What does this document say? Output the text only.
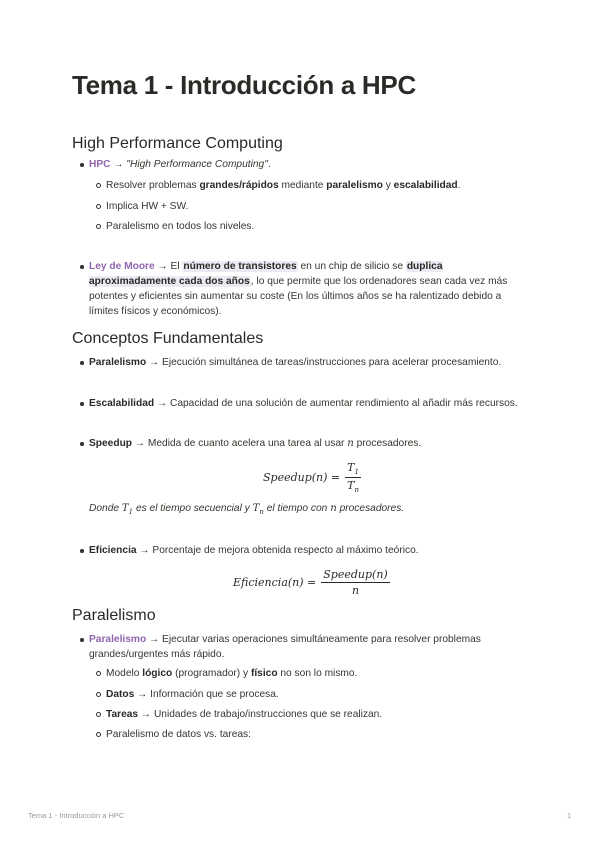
Tema 1 - Introducción a HPC
High Performance Computing
HPC → "High Performance Computing".
Resolver problemas grandes/rápidos mediante paralelismo y escalabilidad.
Implica HW + SW.
Paralelismo en todos los niveles.
Ley de Moore → El número de transistores en un chip de silicio se duplica aproximadamente cada dos años, lo que permite que los ordenadores sean cada vez más potentes y eficientes sin aumentar su coste (En los últimos años se ha ralentizado debido a límites físicos y económicos).
Conceptos Fundamentales
Paralelismo → Ejecución simultánea de tareas/instrucciones para acelerar procesamiento.
Escalabilidad → Capacidad de una solución de aumentar rendimiento al añadir más recursos.
Speedup → Medida de cuanto acelera una tarea al usar n procesadores.
Speedup(n) = $\frac{T_1}{T_n}$
Donde $T_1$ es el tiempo secuencial y $T_n$ el tiempo con n procesadores.
Eficiencia → Porcentaje de mejora obtenida respecto al máximo teórico.
Eficiencia(n) = $\frac{\text{Speedup(n)}}{n}$
Paralelismo
Paralelismo → Ejecutar varias operaciones simultáneamente para resolver problemas grandes/urgentes más rápido.
Modelo lógico (programador) y físico no son lo mismo.
Datos → Información que se procesa.
Tareas → Unidades de trabajo/instrucciones que se realizan.
Paralelismo de datos vs. tareas:
Tema 1 - Introducción a HPC	1
